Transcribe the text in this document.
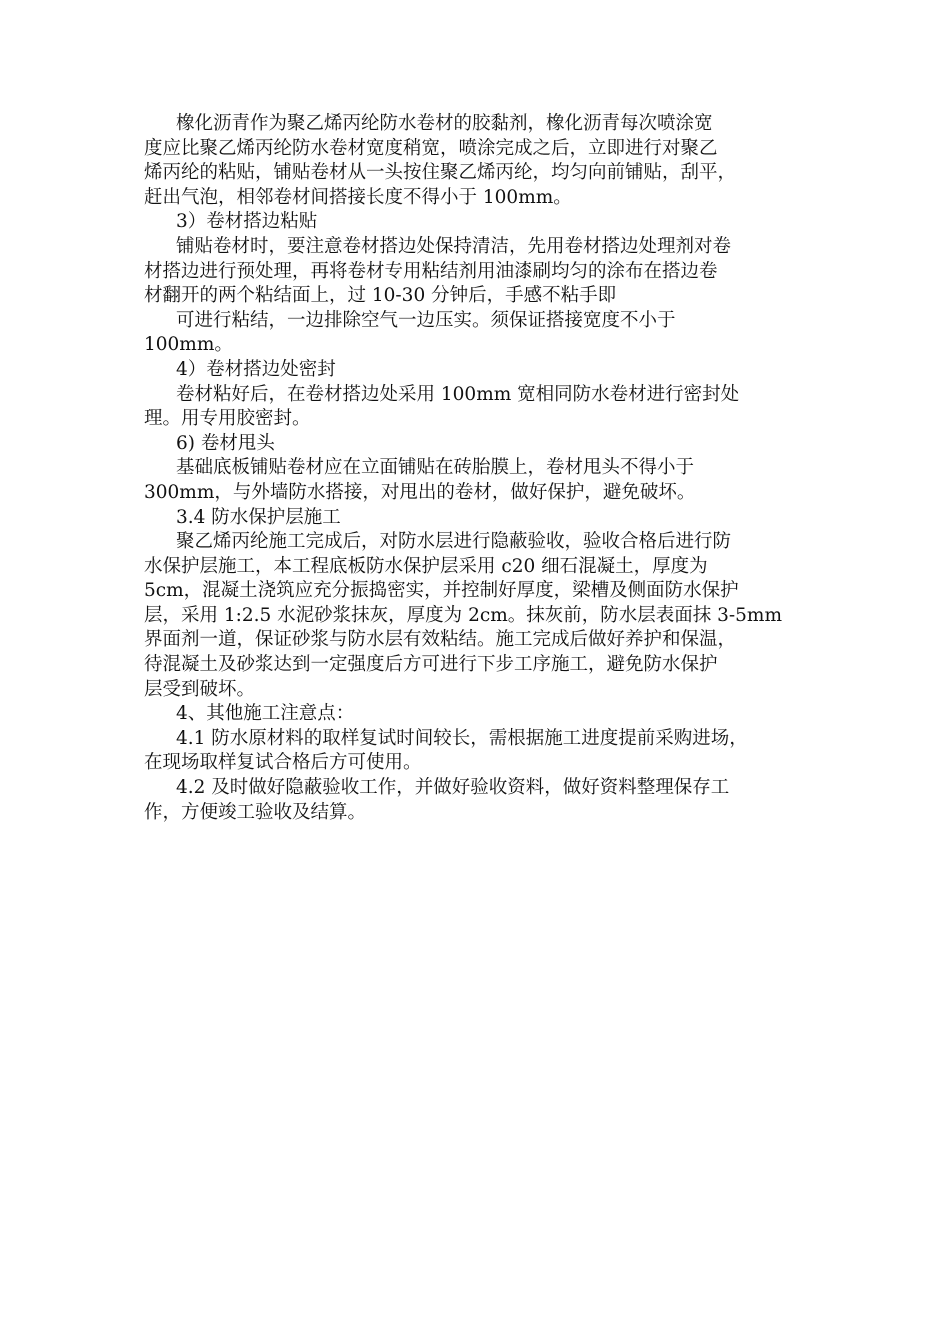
橡化沥青作为聚乙烯丙纶防水卷材的胶黏剂，橡化沥青每次喷涂宽

度应比聚乙烯丙纶防水卷材宽度稍宽，喷涂完成之后，立即进行对聚乙

烯丙纶的粘贴，铺贴卷材从一头按住聚乙烯丙纶，均匀向前铺贴，刮平，

赶出气泡，相邻卷材间搭接长度不得小于 100mm。

3）卷材搭边粘贴

铺贴卷材时，要注意卷材搭边处保持清洁，先用卷材搭边处理剂对卷

材搭边进行预处理，再将卷材专用粘结剂用油漆刷均匀的涂布在搭边卷

材翻开的两个粘结面上，过 10-30 分钟后，手感不粘手即

可进行粘结，一边排除空气一边压实。须保证搭接宽度不小于

100mm。

4）卷材搭边处密封

卷材粘好后，在卷材搭边处采用 100mm 宽相同防水卷材进行密封处

理。用专用胶密封。

6) 卷材甩头

基础底板铺贴卷材应在立面铺贴在砖胎膜上，卷材甩头不得小于

300mm，与外墙防水搭接，对甩出的卷材，做好保护，避免破坏。

3.4 防水保护层施工

聚乙烯丙纶施工完成后，对防水层进行隐蔽验收，验收合格后进行防

水保护层施工，本工程底板防水保护层采用 c20 细石混凝土，厚度为

5cm，混凝土浇筑应充分振捣密实，并控制好厚度，梁槽及侧面防水保护

层，采用 1:2.5 水泥砂浆抹灰，厚度为 2cm。抹灰前，防水层表面抹 3-5mm

界面剂一道，保证砂浆与防水层有效粘结。施工完成后做好养护和保温，

待混凝土及砂浆达到一定强度后方可进行下步工序施工，避免防水保护

层受到破坏。

4、其他施工注意点：

4.1 防水原材料的取样复试时间较长，需根据施工进度提前采购进场，

在现场取样复试合格后方可使用。

4.2 及时做好隐蔽验收工作，并做好验收资料，做好资料整理保存工

作，方便竣工验收及结算。
